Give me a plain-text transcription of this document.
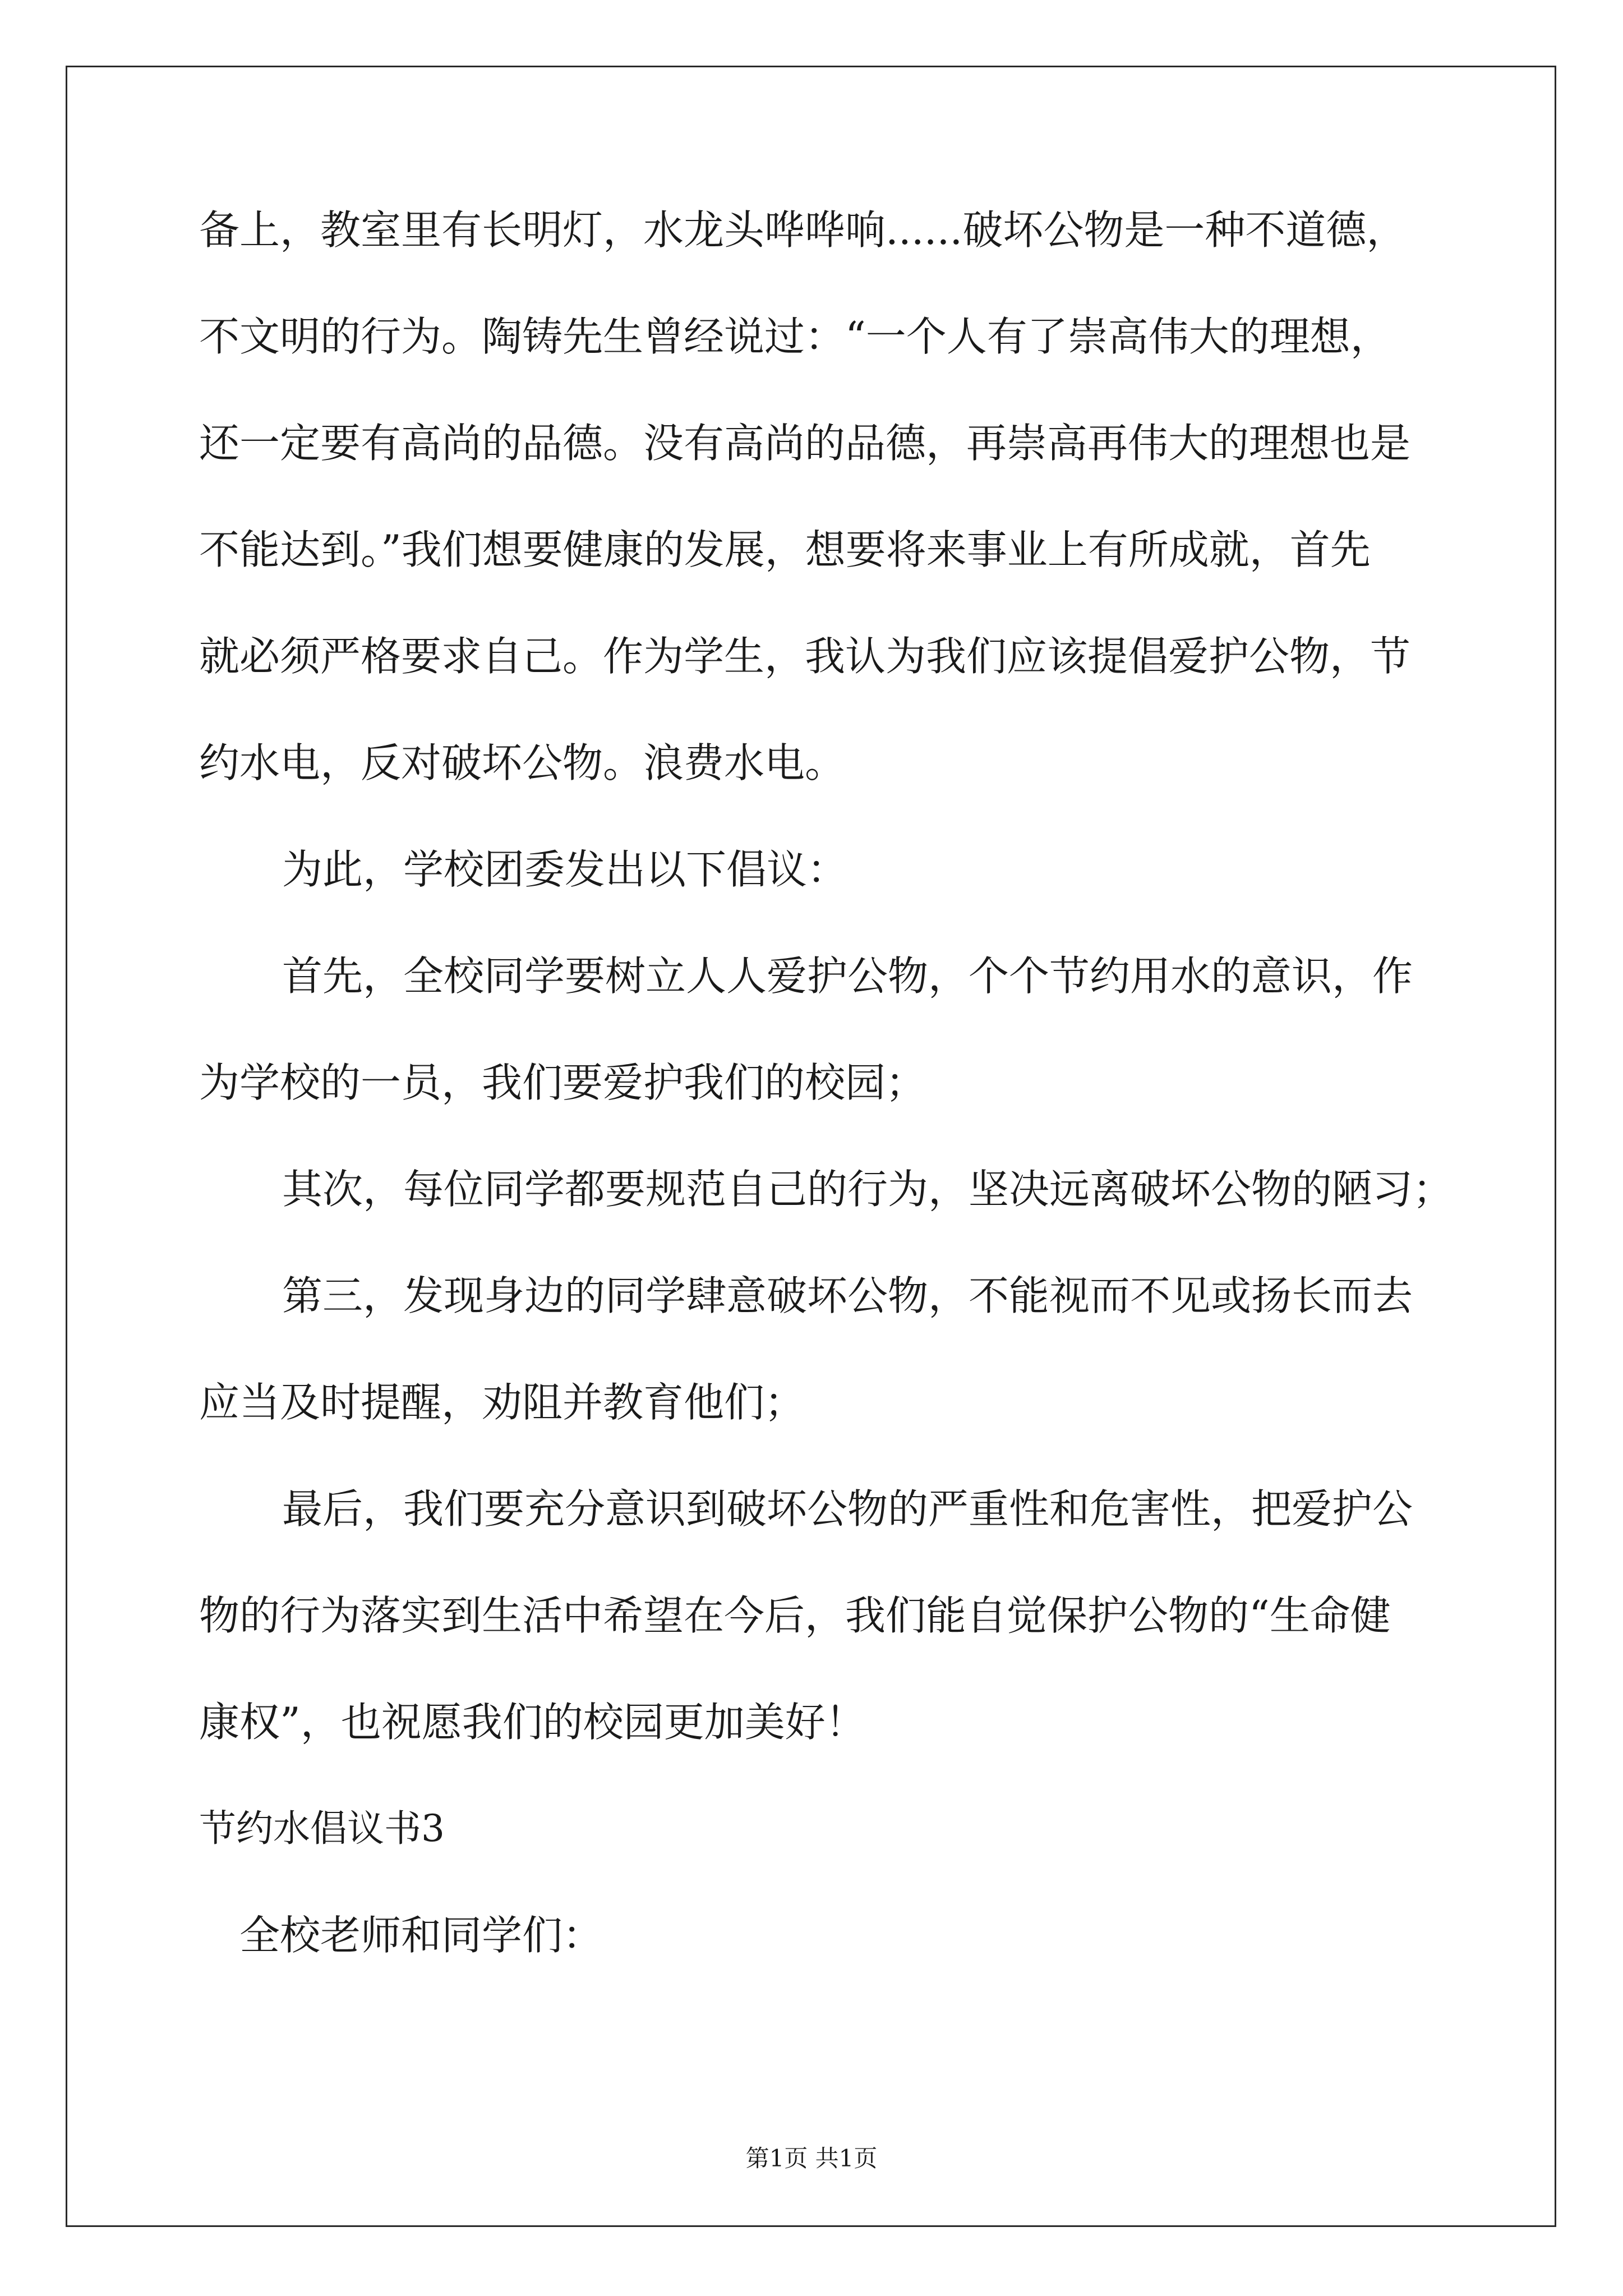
备上，教室里有长明灯，水龙头哗哗响......破坏公物是一种不道德，
不文明的行为。陶铸先生曾经说过：“一个人有了崇高伟大的理想，
还一定要有高尚的品德。没有高尚的品德，再崇高再伟大的理想也是
不能达到。”我们想要健康的发展，想要将来事业上有所成就，首先
就必须严格要求自己。作为学生，我认为我们应该提倡爱护公物，节
约水电，反对破坏公物。浪费水电。
为此，学校团委发出以下倡议：
首先，全校同学要树立人人爱护公物，个个节约用水的意识，作
为学校的一员，我们要爱护我们的校园；
其次，每位同学都要规范自己的行为，坚决远离破坏公物的陋习；
第三，发现身边的同学肆意破坏公物，不能视而不见或扬长而去
应当及时提醒，劝阻并教育他们；
最后，我们要充分意识到破坏公物的严重性和危害性，把爱护公
物的行为落实到生活中希望在今后，我们能自觉保护公物的“生命健
康权”，也祝愿我们的校园更加美好！
节约水倡议书3
全校老师和同学们：
第1页 共1页
